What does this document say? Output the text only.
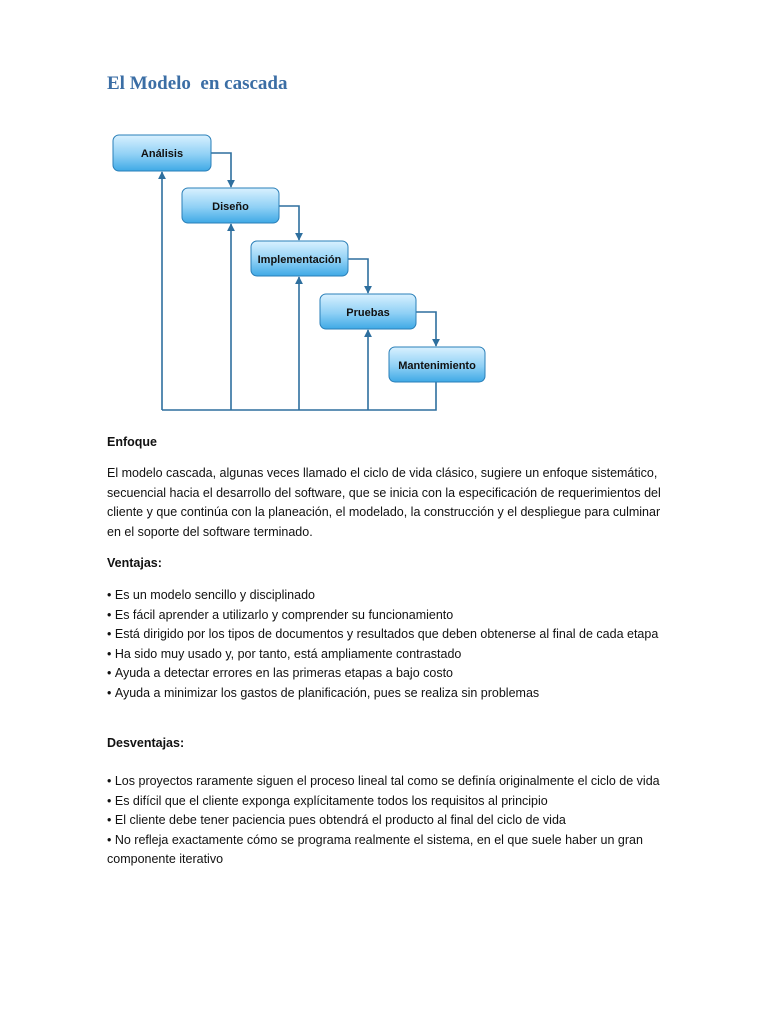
El Modelo  en cascada
Análisis
Diseño
Implementación
Pruebas
Mantenimiento
Enfoque

El modelo cascada, algunas veces llamado el ciclo de vida clásico, sugiere un enfoque sistemático, secuencial hacia el desarrollo del software, que se inicia con la especificación de requerimientos del cliente y que continúa con la planeación, el modelado, la construcción y el despliegue para culminar en el soporte del software terminado.

Ventajas:
• Es un modelo sencillo y disciplinado
• Es fácil aprender a utilizarlo y comprender su funcionamiento
• Está dirigido por los tipos de documentos y resultados que deben obtenerse al final de cada etapa
• Ha sido muy usado y, por tanto, está ampliamente contrastado
• Ayuda a detectar errores en las primeras etapas a bajo costo
• Ayuda a minimizar los gastos de planificación, pues se realiza sin problemas
Desventajas:
• Los proyectos raramente siguen el proceso lineal tal como se definía originalmente el ciclo de vida
• Es difícil que el cliente exponga explícitamente todos los requisitos al principio
• El cliente debe tener paciencia pues obtendrá el producto al final del ciclo de vida
• No refleja exactamente cómo se programa realmente el sistema, en el que suele haber un gran componente iterativo
